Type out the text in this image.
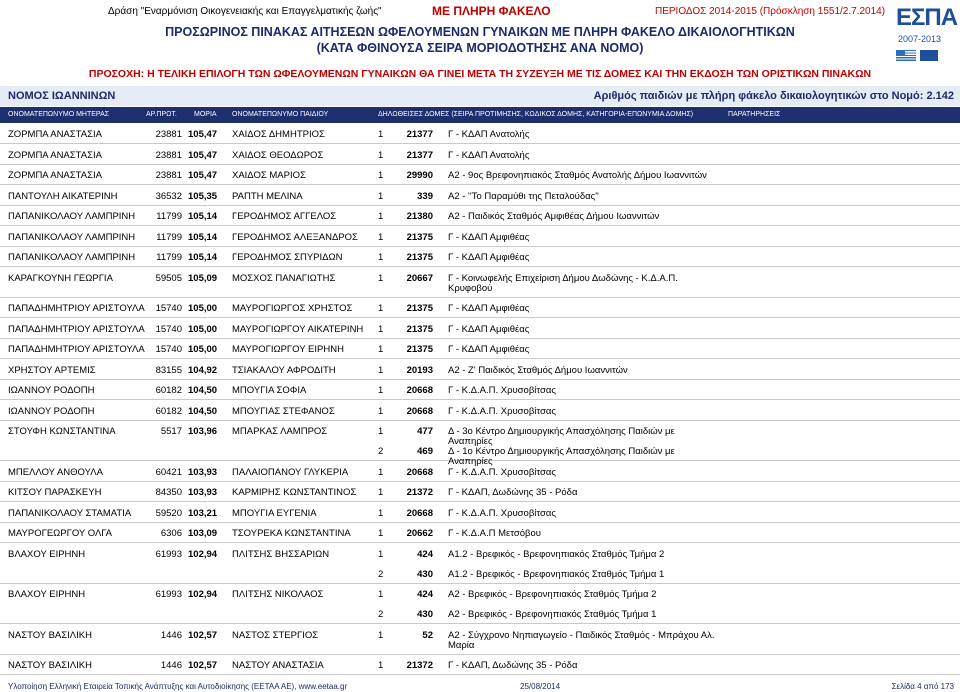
Δράση "Εναρμόνιση Οικογενειακής και Επαγγελματικής ζωής"	ΜΕ ΠΛΗΡΗ ΦΑΚΕΛΟ	ΠΕΡΙΟΔΟΣ 2014-2015 (Πρόσκληση 1551/2.7.2014)
ΠΡΟΣΩΡΙΝΟΣ ΠΙΝΑΚΑΣ ΑΙΤΗΣΕΩΝ ΩΦΕΛΟΥΜΕΝΩΝ ΓΥΝΑΙΚΩΝ ΜΕ ΠΛΗΡΗ ΦΑΚΕΛΟ ΔΙΚΑΙΟΛΟΓΗΤΙΚΩΝ
(ΚΑΤΑ ΦΘΙΝΟΥΣΑ ΣΕΙΡΑ ΜΟΡΙΟΔΟΤΗΣΗΣ ΑΝΑ ΝΟΜΟ)
ΕΣΠΑ
2007-2013
ΠΡΟΣΟΧΗ: Η ΤΕΛΙΚΗ ΕΠΙΛΟΓΗ ΤΩΝ ΩΦΕΛΟΥΜΕΝΩΝ ΓΥΝΑΙΚΩΝ ΘΑ ΓΙΝΕΙ ΜΕΤΑ ΤΗ ΣΥΖΕΥΞΗ ΜΕ ΤΙΣ ΔΟΜΕΣ ΚΑΙ ΤΗΝ ΕΚΔΟΣΗ ΤΩΝ ΟΡΙΣΤΙΚΩΝ ΠΙΝΑΚΩΝ
ΝΟΜΟΣ ΙΩΑΝΝΙΝΩΝ	Αριθμός παιδιών με πλήρη φάκελο δικαιολογητικών στο Νομό: 2.142
ΟΝΟΜΑΤΕΠΩΝΥΜΟ ΜΗΤΕΡΑΣ	ΑΡ.ΠΡΩΤ. ΜΟΡΙΑ ΟΝΟΜΑΤΕΠΩΝΥΜΟ ΠΑΙΔΙΟΥ	ΔΗΛΩΘΕΙΣΕΣ ΔΟΜΕΣ (ΣΕΙΡΑ ΠΡΟΤΙΜΗΣΗΣ, ΚΩΔΙΚΟΣ ΔΟΜΗΣ, ΚΑΤΗΓΟΡΙΑ-ΕΠΩΝΥΜΙΑ ΔΟΜΗΣ)	ΠΑΡΑΤΗΡΗΣΕΙΣ
ΖΟΡΜΠΑ ΑΝΑΣΤΑΣΙΑ	23881 105,47 ΧΑΙΔΟΣ ΔΗΜΗΤΡΙΟΣ	1	21377 Γ - ΚΔΑΠ Ανατολής
ΖΟΡΜΠΑ ΑΝΑΣΤΑΣΙΑ	23881 105,47 ΧΑΙΔΟΣ ΘΕΟΔΩΡΟΣ	1	21377 Γ - ΚΔΑΠ Ανατολής
ΖΟΡΜΠΑ ΑΝΑΣΤΑΣΙΑ	23881 105,47 ΧΑΙΔΟΣ ΜΑΡΙΟΣ	1	29990 Α2 - 9ος Βρεφονηπιακός Σταθμός Ανατολής Δήμου Ιωαννιτών
ΠΑΝΤΟΥΛΗ ΑΙΚΑΤΕΡΙΝΗ	36532 105,35 ΡΑΠΤΗ ΜΕΛΙΝΑ	1	339 Α2 - ''Το Παραμύθι της Πεταλούδας''
ΠΑΠΑΝΙΚΟΛΑΟΥ ΛΑΜΠΡΙΝΗ	11799 105,14 ΓΕΡΟΔΗΜΟΣ ΑΓΓΕΛΟΣ	1	21380 Α2 - Παιδικός Σταθμός Αμφιθέας Δήμου Ιωαννιτών
ΠΑΠΑΝΙΚΟΛΑΟΥ ΛΑΜΠΡΙΝΗ	11799 105,14 ΓΕΡΟΔΗΜΟΣ ΑΛΕΞΑΝΔΡΟΣ 1	21375 Γ - ΚΔΑΠ Αμφιθέας
ΠΑΠΑΝΙΚΟΛΑΟΥ ΛΑΜΠΡΙΝΗ	11799 105,14 ΓΕΡΟΔΗΜΟΣ ΣΠΥΡΙΔΩΝ	1	21375 Γ - ΚΔΑΠ Αμφιθέας
ΚΑΡΑΓΚΟΥΝΗ ΓΕΩΡΓΙΑ	59505 105,09 ΜΟΣΧΟΣ ΠΑΝΑΓΙΩΤΗΣ	1	20667 Γ - Κοινωφελής Επιχείριση Δήμου Δωδώνης - Κ.Δ.Α.Π.
Κρυφοβού
ΠΑΠΑΔΗΜΗΤΡΙΟΥ ΑΡΙΣΤΟΥΛΑ	15740 105,00 ΜΑΥΡΟΓΙΩΡΓΟΣ ΧΡΗΣΤΟΣ	1	21375 Γ - ΚΔΑΠ Αμφιθέας
ΠΑΠΑΔΗΜΗΤΡΙΟΥ ΑΡΙΣΤΟΥΛΑ	15740 105,00 ΜΑΥΡΟΓΙΩΡΓΟΥ ΑΙΚΑΤΕΡΙΝΗ 1	21375 Γ - ΚΔΑΠ Αμφιθέας
ΠΑΠΑΔΗΜΗΤΡΙΟΥ ΑΡΙΣΤΟΥΛΑ	15740 105,00 ΜΑΥΡΟΓΙΩΡΓΟΥ ΕΙΡΗΝΗ	1	21375 Γ - ΚΔΑΠ Αμφιθέας
ΧΡΗΣΤΟΥ ΑΡΤΕΜΙΣ	83155 104,92 ΤΣΙΑΚΑΛΟΥ ΑΦΡΟΔΙΤΗ	1	20193 Α2 - Ζ' Παιδικός Σταθμός Δήμου Ιωαννιτών
ΙΩΑΝΝΟΥ ΡΟΔΟΠΗ	60182 104,50 ΜΠΟΥΓΙΑ ΣΟΦΙΑ	1	20668 Γ - Κ.Δ.Α.Π. Χρυσοβίτσας
ΙΩΑΝΝΟΥ ΡΟΔΟΠΗ	60182 104,50 ΜΠΟΥΓΙΑΣ ΣΤΕΦΑΝΟΣ	1	20668 Γ - Κ.Δ.Α.Π. Χρυσοβίτσας
ΣΤΟΥΦΗ ΚΩΝΣΤΑΝΤΙΝΑ	5517 103,96 ΜΠΑΡΚΑΣ ΛΑΜΠΡΟΣ	1	477 Δ - 3ο Κέντρο Δημιουργικής Απασχόλησης Παιδιών με
Αναπηρίες
2	469 Δ - 1ο Κέντρο Δημιουργικής Απασχόλησης Παιδιών με
Αναπηρίες
ΜΠΕΛΛΟΥ ΑΝΘΟΥΛΑ	60421 103,93 ΠΑΛΑΙΟΠΑΝΟΥ ΓΛΥΚΕΡΙΑ	1	20668 Γ - Κ.Δ.Α.Π. Χρυσοβίτσας
ΚΙΤΣΟΥ ΠΑΡΑΣΚΕΥΗ	84350 103,93 ΚΑΡΜΙΡΗΣ ΚΩΝΣΤΑΝΤΙΝΟΣ 1	21372 Γ - ΚΔΑΠ, Δωδώνης 35 - Ρόδα
ΠΑΠΑΝΙΚΟΛΑΟΥ ΣΤΑΜΑΤΙΑ	59520 103,21 ΜΠΟΥΓΙΑ ΕΥΓΕΝΙΑ	1	20668 Γ - Κ.Δ.Α.Π. Χρυσοβίτσας
ΜΑΥΡΟΓΕΩΡΓΟΥ ΟΛΓΑ	6306 103,09 ΤΣΟΥΡΕΚΑ ΚΩΝΣΤΑΝΤΙΝΑ	1	20662 Γ - Κ.Δ.Α.Π Μετσόβου
ΒΛΑΧΟΥ ΕΙΡΗΝΗ	61993 102,94 ΠΛΙΤΣΗΣ ΒΗΣΣΑΡΙΩΝ	1	424 Α1.2 - Βρεφικός - Βρεφονηπιακός Σταθμός Τμήμα 2
2	430 Α1.2 - Βρεφικός - Βρεφονηπιακός Σταθμός Τμήμα 1
ΒΛΑΧΟΥ ΕΙΡΗΝΗ	61993 102,94 ΠΛΙΤΣΗΣ ΝΙΚΟΛΑΟΣ	1	424 Α2 - Βρεφικός - Βρεφονηπιακός Σταθμός Τμήμα 2
2	430 Α2 - Βρεφικός - Βρεφονηπιακός Σταθμός Τμήμα 1
ΝΑΣΤΟΥ ΒΑΣΙΛΙΚΗ	1446 102,57 ΝΑΣΤΟΣ ΣΤΕΡΓΙΟΣ	1	52 Α2 - Σύγχρονο Νηπιαγωγείο - Παιδικός Σταθμός - Μπράχου Αλ.
Μαρία
ΝΑΣΤΟΥ ΒΑΣΙΛΙΚΗ	1446 102,57 ΝΑΣΤΟΥ ΑΝΑΣΤΑΣΙΑ	1	21372 Γ - ΚΔΑΠ, Δωδώνης 35 - Ρόδα
Υλοποίηση Ελληνική Εταιρεία Τοπικής Ανάπτυξης και Αυτοδιοίκησης (ΕΕΤΑΑ ΑΕ), www.eetaa.gr	25/08/2014	Σελίδα 4 από 173
